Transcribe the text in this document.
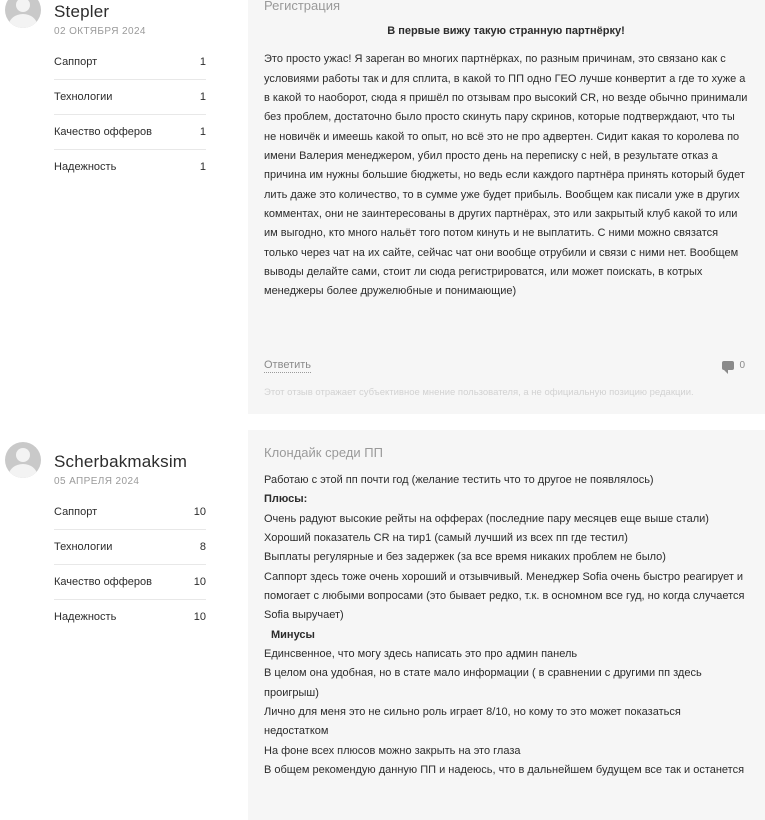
Stepler
02 ОКТЯБРЯ 2024
Саппорт	1
Технологии	1
Качество офферов	1
Надежность	1
Регистрация

В первые вижу такую странную партнёрку!

Это просто ужас! Я зареган во многих партнёрках, по разным причинам, это связано как с условиями работы так и для сплита, в какой то ПП одно ГЕО лучше конвертит а где то хуже а в какой то наоборот, сюда я пришёл по отзывам про высокий CR, но везде обычно принимали без проблем, достаточно было просто скинуть пару скринов, которые подтверждают, что ты не новичёк и имеешь какой то опыт, но всё это не про адвертен. Сидит какая то королева по имени Валерия менеджером, убил просто день на переписку с ней, в результате отказ а причина им нужны большие бюджеты, но ведь если каждого партнёра принять который будет лить даже это количество, то в сумме уже будет прибыль. Вообщем как писали уже в других комментах, они не заинтересованы в других партнёрах, это или закрытый клуб какой то или им выгодно, кто много нальёт того потом кинуть и не выплатить. С ними можно связатся только через чат на их сайте, сейчас чат они вообще отрубили и связи с ними нет. Вообщем выводы делайте сами, стоит ли сюда регистрироватся, или может поискать, в котрых менеджеры более дружелюбные и понимающие)

Ответить	0
Этот отзыв отражает субъективное мнение пользователя, а не официальную позицию редакции.
Scherbakmaksim
05 АПРЕЛЯ 2024
Саппорт	10
Технологии	8
Качество офферов	10
Надежность	10
Клондайк среди ПП

Работаю с этой пп почти год (желание тестить что то другое не появлялось)

Плюсы:

Очень радуют высокие рейты на офферах (последние пару месяцев еще выше стали)

Хороший показатель CR на тир1 (самый лучший из всех пп где тестил)

Выплаты регулярные и без задержек (за все время никаких проблем не было)

Саппорт здесь тоже очень хороший и отзывчивый. Менеджер Sofia очень быстро реагирует и помогает с любыми вопросами (это бывает редко, т.к. в осномном все гуд, но когда случается Sofia выручает)

Минусы

Единсвенное, что могу здесь написать это про админ панель

В целом она удобная, но в стате мало информации ( в сравнении с другими пп здесь проигрыш)

Лично для меня это не сильно роль играет 8/10, но кому то это может показаться недостатком

На фоне всех плюсов можно закрыть на это глаза

В общем рекомендую данную ПП и надеюсь, что в дальнейшем будущем все так и останется
